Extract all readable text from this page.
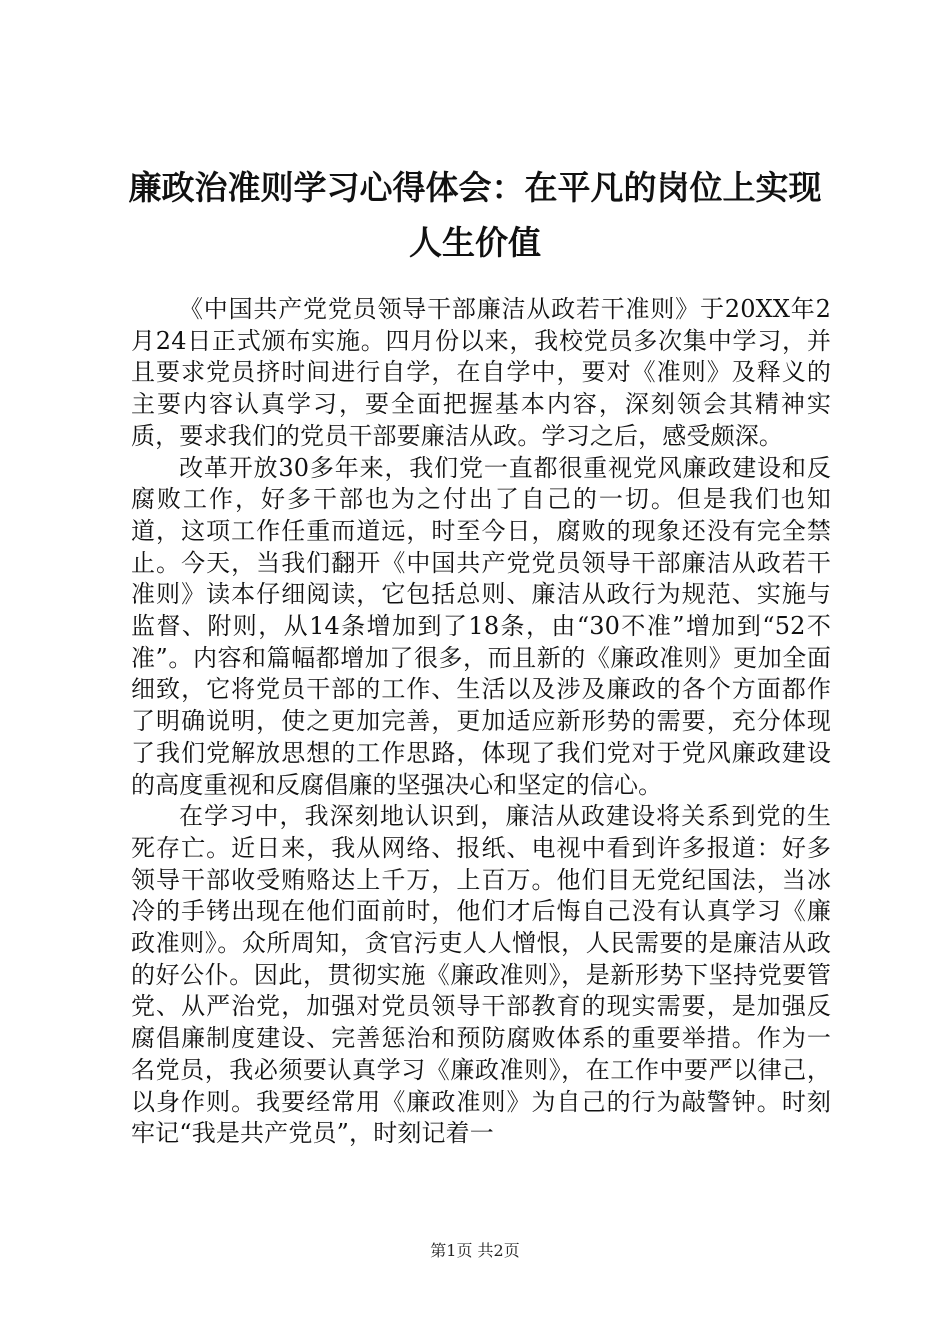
廉政治准则学习心得体会：在平凡的岗位上实现人生价值

《中国共产党党员领导干部廉洁从政若干准则》于20XX年2月24日正式颁布实施。四月份以来，我校党员多次集中学习，并且要求党员挤时间进行自学，在自学中，要对《准则》及释义的主要内容认真学习，要全面把握基本内容，深刻领会其精神实质，要求我们的党员干部要廉洁从政。学习之后，感受颇深。

改革开放30多年来，我们党一直都很重视党风廉政建设和反腐败工作，好多干部也为之付出了自己的一切。但是我们也知道，这项工作任重而道远，时至今日，腐败的现象还没有完全禁止。今天，当我们翻开《中国共产党党员领导干部廉洁从政若干准则》读本仔细阅读，它包括总则、廉洁从政行为规范、实施与监督、附则，从14条增加到了18条，由“30不准”增加到“52不准”。内容和篇幅都增加了很多，而且新的《廉政准则》更加全面细致，它将党员干部的工作、生活以及涉及廉政的各个方面都作了明确说明，使之更加完善，更加适应新形势的需要，充分体现了我们党解放思想的工作思路，体现了我们党对于党风廉政建设的高度重视和反腐倡廉的坚强决心和坚定的信心。

在学习中，我深刻地认识到，廉洁从政建设将关系到党的生死存亡。近日来，我从网络、报纸、电视中看到许多报道：好多领导干部收受贿赂达上千万，上百万。他们目无党纪国法，当冰冷的手铐出现在他们面前时，他们才后悔自己没有认真学习《廉政准则》。众所周知，贪官污吏人人憎恨，人民需要的是廉洁从政的好公仆。因此，贯彻实施《廉政准则》，是新形势下坚持党要管党、从严治党，加强对党员领导干部教育的现实需要，是加强反腐倡廉制度建设、完善惩治和预防腐败体系的重要举措。作为一名党员，我必须要认真学习《廉政准则》，在工作中要严以律己，以身作则。我要经常用《廉政准则》为自己的行为敲警钟。时刻牢记“我是共产党员”，时刻记着一

第1页 共2页
